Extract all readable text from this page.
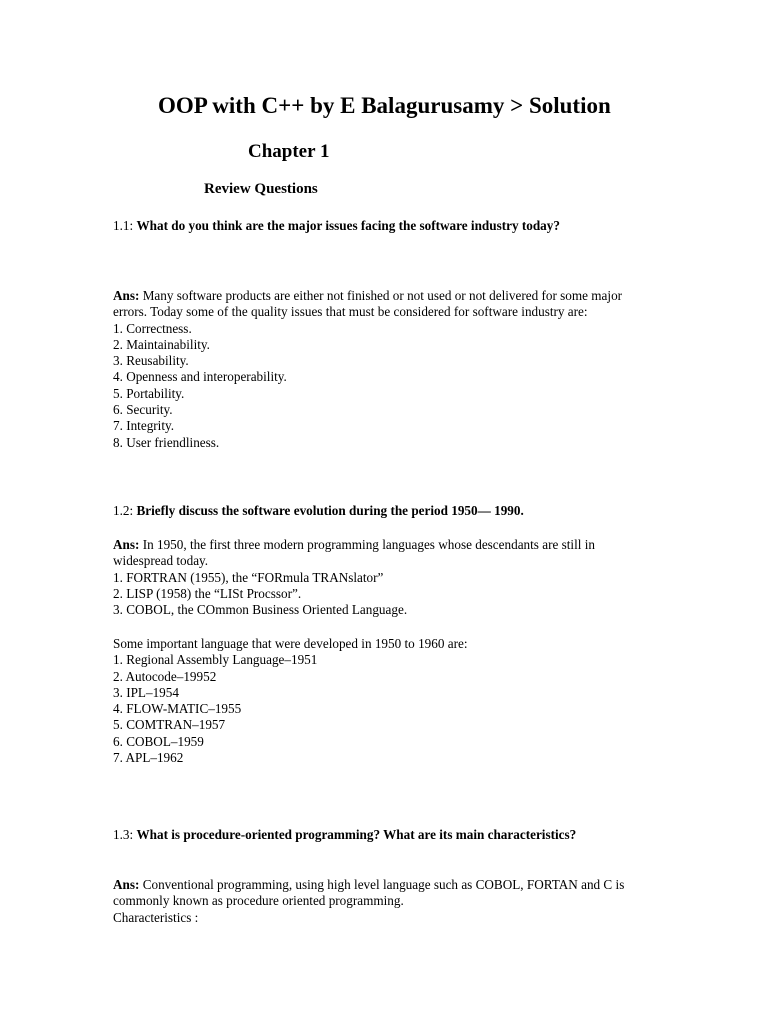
OOP with C++ by E Balagurusamy > Solution
Chapter 1
Review Questions
1.1: What do you think are the major issues facing the software industry today?
Ans: Many software products are either not finished or not used or not delivered for some major
errors. Today some of the quality issues that must be considered for software industry are:
1. Correctness.
2. Maintainability.
3. Reusability.
4. Openness and interoperability.
5. Portability.
6. Security.
7. Integrity.
8. User friendliness.
1.2: Briefly discuss the software evolution during the period 1950— 1990.
Ans: In 1950, the first three modern programming languages whose descendants are still in
widespread today.
1. FORTRAN (1955), the “FORmula TRANslator”
2. LISP (1958) the “LISt Procssor”.
3. COBOL, the COmmon Business Oriented Language.
Some important language that were developed in 1950 to 1960 are:
1. Regional Assembly Language–1951
2. Autocode–19952
3. IPL–1954
4. FLOW-MATIC–1955
5. COMTRAN–1957
6. COBOL–1959
7. APL–1962
1.3: What is procedure-oriented programming? What are its main characteristics?
Ans: Conventional programming, using high level language such as COBOL, FORTAN and C is
commonly known as procedure oriented programming.
Characteristics :
